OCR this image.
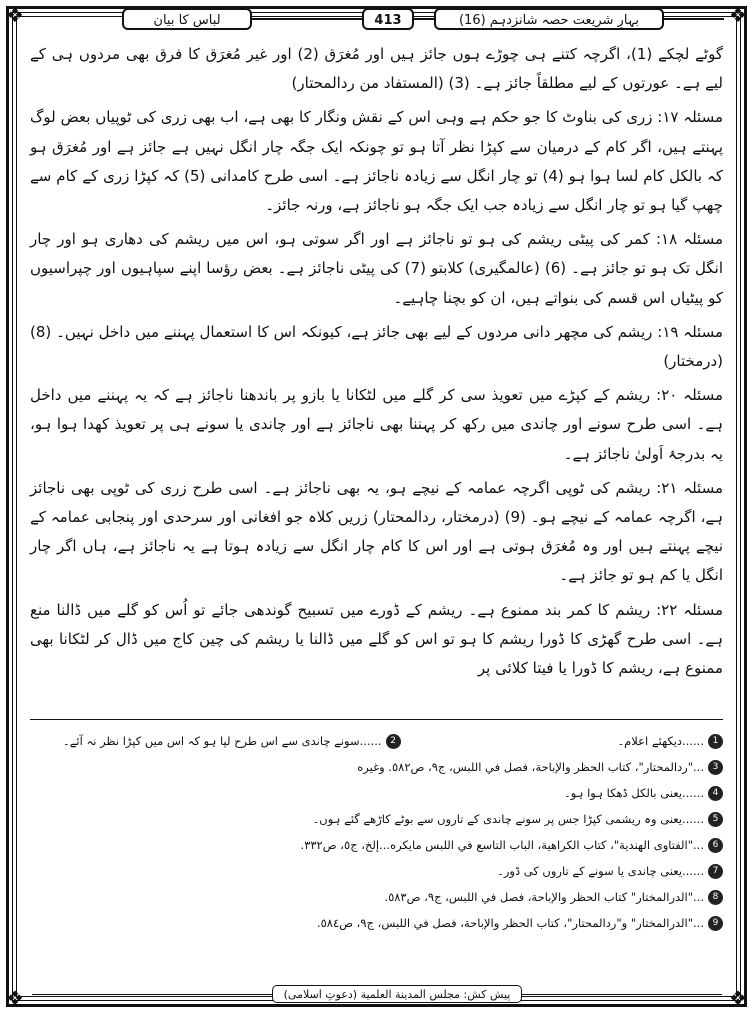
❖	❖
❖	❖
لباس کا بیان	413	بہارِ شریعت حصہ شانزدہم (16)

گوٹے لچکے (1)، اگرچہ کتنے ہی چوڑے ہوں جائز ہیں اور مُغرَق (2) اور غیر مُغرَق کا فرق بھی مردوں ہی کے لیے ہے۔ عورتوں کے لیے مطلقاً جائز ہے۔ (3) (المستفاد من ردالمحتار)

مسئلہ ۱۷: زری کی بناوٹ کا جو حکم ہے وہی اس کے نقش ونگار کا بھی ہے، اب بھی زری کی ٹوپیاں بعض لوگ پہنتے ہیں، اگر کام کے درمیان سے کپڑا نظر آتا ہو تو چونکہ ایک جگہ چار انگل نہیں ہے جائز ہے اور مُغرَق ہو کہ بالکل کام لسا ہوا ہو (4) تو چار انگل سے زیادہ ناجائز ہے۔ اسی طرح کامدانی (5) کہ کپڑا زری کے کام سے چھپ گیا ہو تو چار انگل سے زیادہ جب ایک جگہ ہو ناجائز ہے، ورنہ جائز۔

مسئلہ ۱۸: کمر کی پیٹی ریشم کی ہو تو ناجائز ہے اور اگر سوتی ہو، اس میں ریشم کی دھاری ہو اور چار انگل تک ہو تو جائز ہے۔ (6) (عالمگیری) کلابتو (7) کی پیٹی ناجائز ہے۔ بعض رؤسا اپنے سپاہیوں اور چپراسیوں کو پیٹیاں اس قسم کی بنواتے ہیں، ان کو بچنا چاہیے۔

مسئلہ ۱۹: ریشم کی مچھر دانی مردوں کے لیے بھی جائز ہے، کیونکہ اس کا استعمال پہننے میں داخل نہیں۔ (8) (درمختار)

مسئلہ ۲۰: ریشم کے کپڑے میں تعویذ سی کر گلے میں لٹکانا یا بازو پر باندھنا ناجائز ہے کہ یہ پہننے میں داخل ہے۔ اسی طرح سونے اور چاندی میں رکھ کر پہننا بھی ناجائز ہے اور چاندی یا سونے ہی پر تعویذ کھدا ہوا ہو، یہ بدرجۂ اَولیٰ ناجائز ہے۔

مسئلہ ۲۱: ریشم کی ٹوپی اگرچہ عمامہ کے نیچے ہو، یہ بھی ناجائز ہے۔ اسی طرح زری کی ٹوپی بھی ناجائز ہے، اگرچہ عمامہ کے نیچے ہو۔ (9) (درمختار، ردالمحتار) زریں کلاہ جو افغانی اور سرحدی اور پنجابی عمامہ کے نیچے پہنتے ہیں اور وہ مُغرَق ہوتی ہے اور اس کا کام چار انگل سے زیادہ ہوتا ہے یہ ناجائز ہے، ہاں اگر چار انگل یا کم ہو تو جائز ہے۔

مسئلہ ۲۲: ریشم کا کمر بند ممنوع ہے۔ ریشم کے ڈورے میں تسبیح گوندھی جائے تو اُس کو گلے میں ڈالنا منع ہے۔ اسی طرح گھڑی کا ڈورا ریشم کا ہو تو اس کو گلے میں ڈالنا یا ریشم کی چین کاج میں ڈال کر لٹکانا بھی ممنوع ہے، ریشم کا ڈورا یا فیتا کلائی پر

1......دیکھئے اعلام۔ 2......سونے چاندی سے اس طرح لپا ہو کہ اس میں کپڑا نظر نہ آئے۔
3..."ردالمحتار"، كتاب الحظر والإباحة، فصل في اللبس، ج٩، ص٥٨٢. وغيره
4......یعنی بالکل ڈھکا ہوا ہو۔
5......یعنی وہ ریشمی کپڑا جس پر سونے چاندی کے تاروں سے بوٹے کاڑھے گئے ہوں۔
6..."الفتاوى الهندية"، كتاب الكراهية، الباب التاسع في اللبس مايكره...إلخ، ج٥، ص٣٣٢.
7......یعنی چاندی یا سونے کے تاروں کی ڈور۔
8..."الدرالمختار" كتاب الحظر والإباحة، فصل في اللبس، ج٩، ص٥٨٣.
9..."الدرالمختار" و"ردالمحتار"، كتاب الحظر والإباحة، فصل في اللبس، ج٩، ص٥٨٤.
پیش کش: مجلس المدينة العلمية (دعوتِ اسلامی)
